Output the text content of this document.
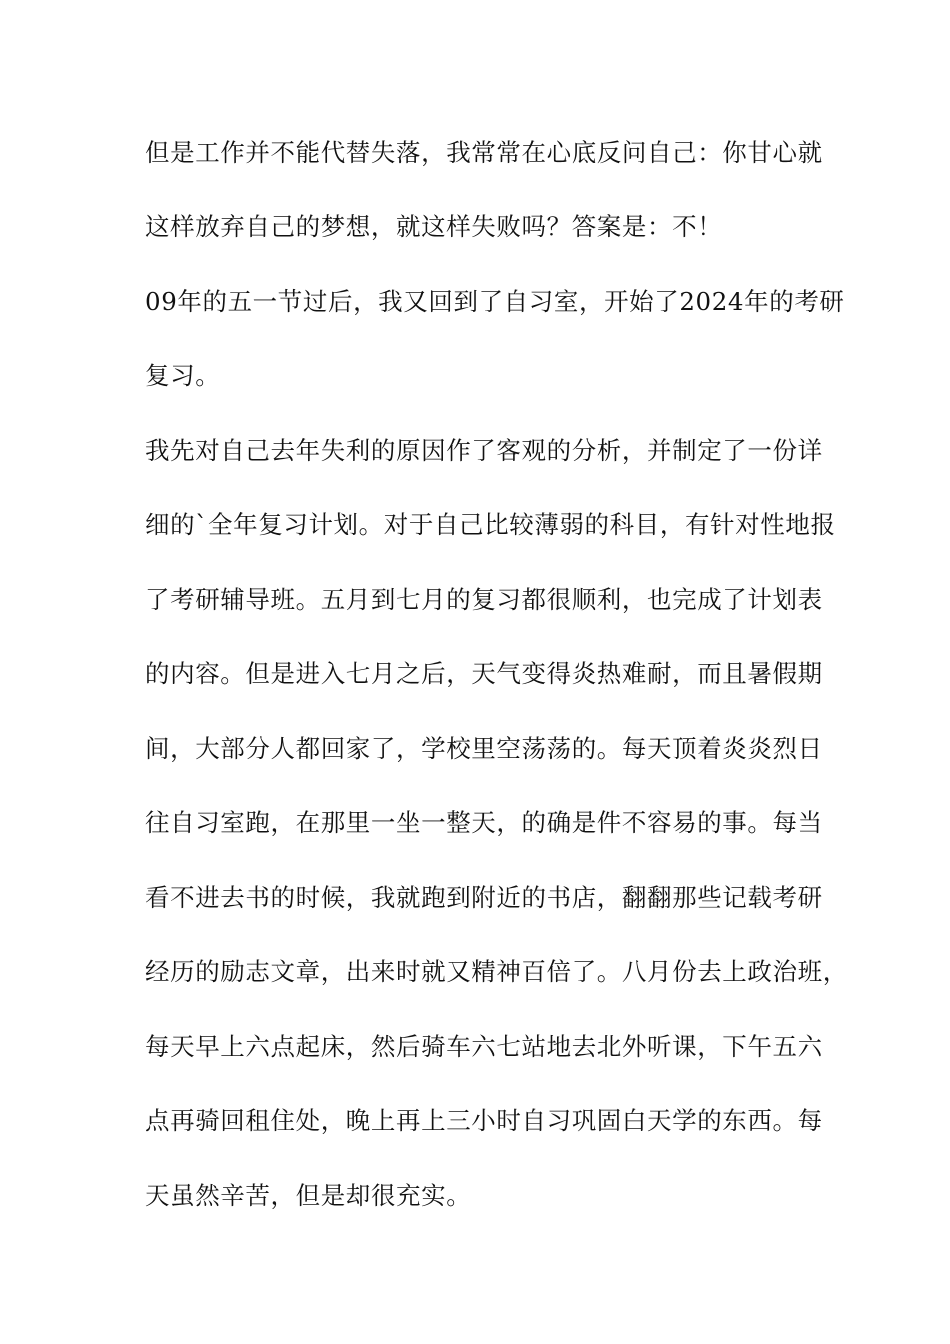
但是工作并不能代替失落，我常常在心底反问自己：你甘心就
这样放弃自己的梦想，就这样失败吗？答案是：不！
09年的五一节过后，我又回到了自习室，开始了2024年的考研
复习。
我先对自己去年失利的原因作了客观的分析，并制定了一份详
细的`全年复习计划。对于自己比较薄弱的科目，有针对性地报
了考研辅导班。五月到七月的复习都很顺利，也完成了计划表
的内容。但是进入七月之后，天气变得炎热难耐，而且暑假期
间，大部分人都回家了，学校里空荡荡的。每天顶着炎炎烈日
往自习室跑，在那里一坐一整天，的确是件不容易的事。每当
看不进去书的时候，我就跑到附近的书店，翻翻那些记载考研
经历的励志文章，出来时就又精神百倍了。八月份去上政治班，
每天早上六点起床，然后骑车六七站地去北外听课，下午五六
点再骑回租住处，晚上再上三小时自习巩固白天学的东西。每
天虽然辛苦，但是却很充实。
